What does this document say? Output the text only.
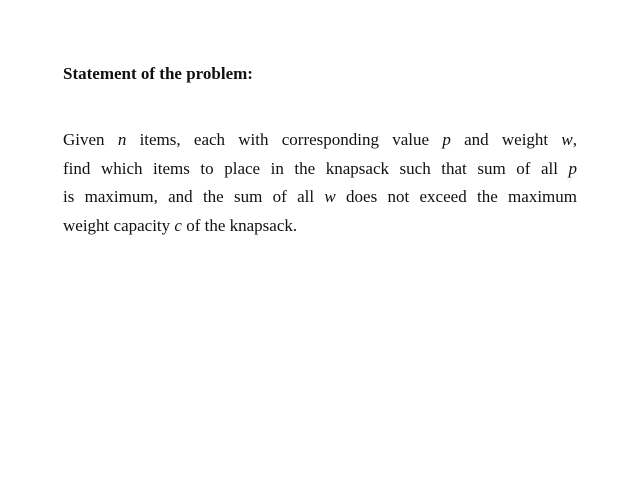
Statement of the problem:
Given n items, each with corresponding value p and weight w,
find which items to place in the knapsack such that sum of all p
is maximum, and the sum of all w does not exceed the maximum
weight capacity c of the knapsack.
